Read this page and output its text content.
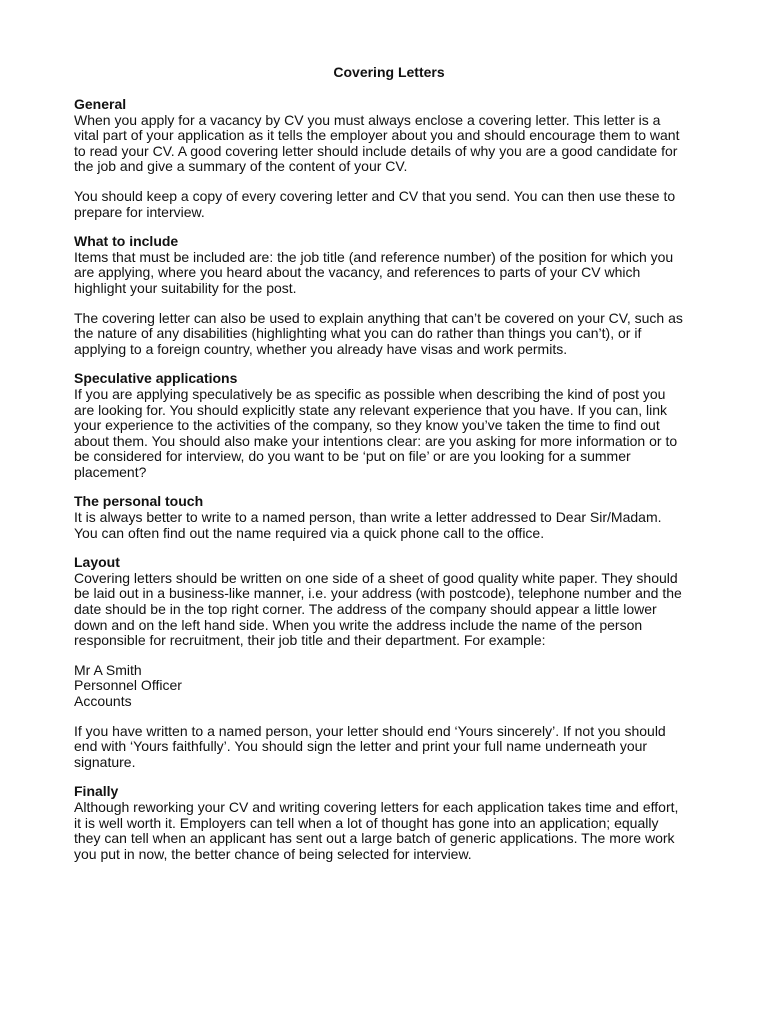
Covering Letters
General
When you apply for a vacancy by CV you must always enclose a covering letter. This letter is a
vital part of your application as it tells the employer about you and should encourage them to want
to read your CV. A good covering letter should include details of why you are a good candidate for
the job and give a summary of the content of your CV.
You should keep a copy of every covering letter and CV that you send. You can then use these to
prepare for interview.
What to include
Items that must be included are: the job title (and reference number) of the position for which you
are applying, where you heard about the vacancy, and references to parts of your CV which
highlight your suitability for the post.
The covering letter can also be used to explain anything that can’t be covered on your CV, such as
the nature of any disabilities (highlighting what you can do rather than things you can’t), or if
applying to a foreign country, whether you already have visas and work permits.
Speculative applications
If you are applying speculatively be as specific as possible when describing the kind of post you
are looking for. You should explicitly state any relevant experience that you have. If you can, link
your experience to the activities of the company, so they know you’ve taken the time to find out
about them. You should also make your intentions clear: are you asking for more information or to
be considered for interview, do you want to be ‘put on file’ or are you looking for a summer
placement?
The personal touch
It is always better to write to a named person, than write a letter addressed to Dear Sir/Madam.
You can often find out the name required via a quick phone call to the office.
Layout
Covering letters should be written on one side of a sheet of good quality white paper. They should
be laid out in a business-like manner, i.e. your address (with postcode), telephone number and the
date should be in the top right corner. The address of the company should appear a little lower
down and on the left hand side. When you write the address include the name of the person
responsible for recruitment, their job title and their department. For example:
Mr A Smith
Personnel Officer
Accounts
If you have written to a named person, your letter should end ‘Yours sincerely’. If not you should
end with ‘Yours faithfully’. You should sign the letter and print your full name underneath your
signature.
Finally
Although reworking your CV and writing covering letters for each application takes time and effort,
it is well worth it. Employers can tell when a lot of thought has gone into an application; equally
they can tell when an applicant has sent out a large batch of generic applications. The more work
you put in now, the better chance of being selected for interview.
